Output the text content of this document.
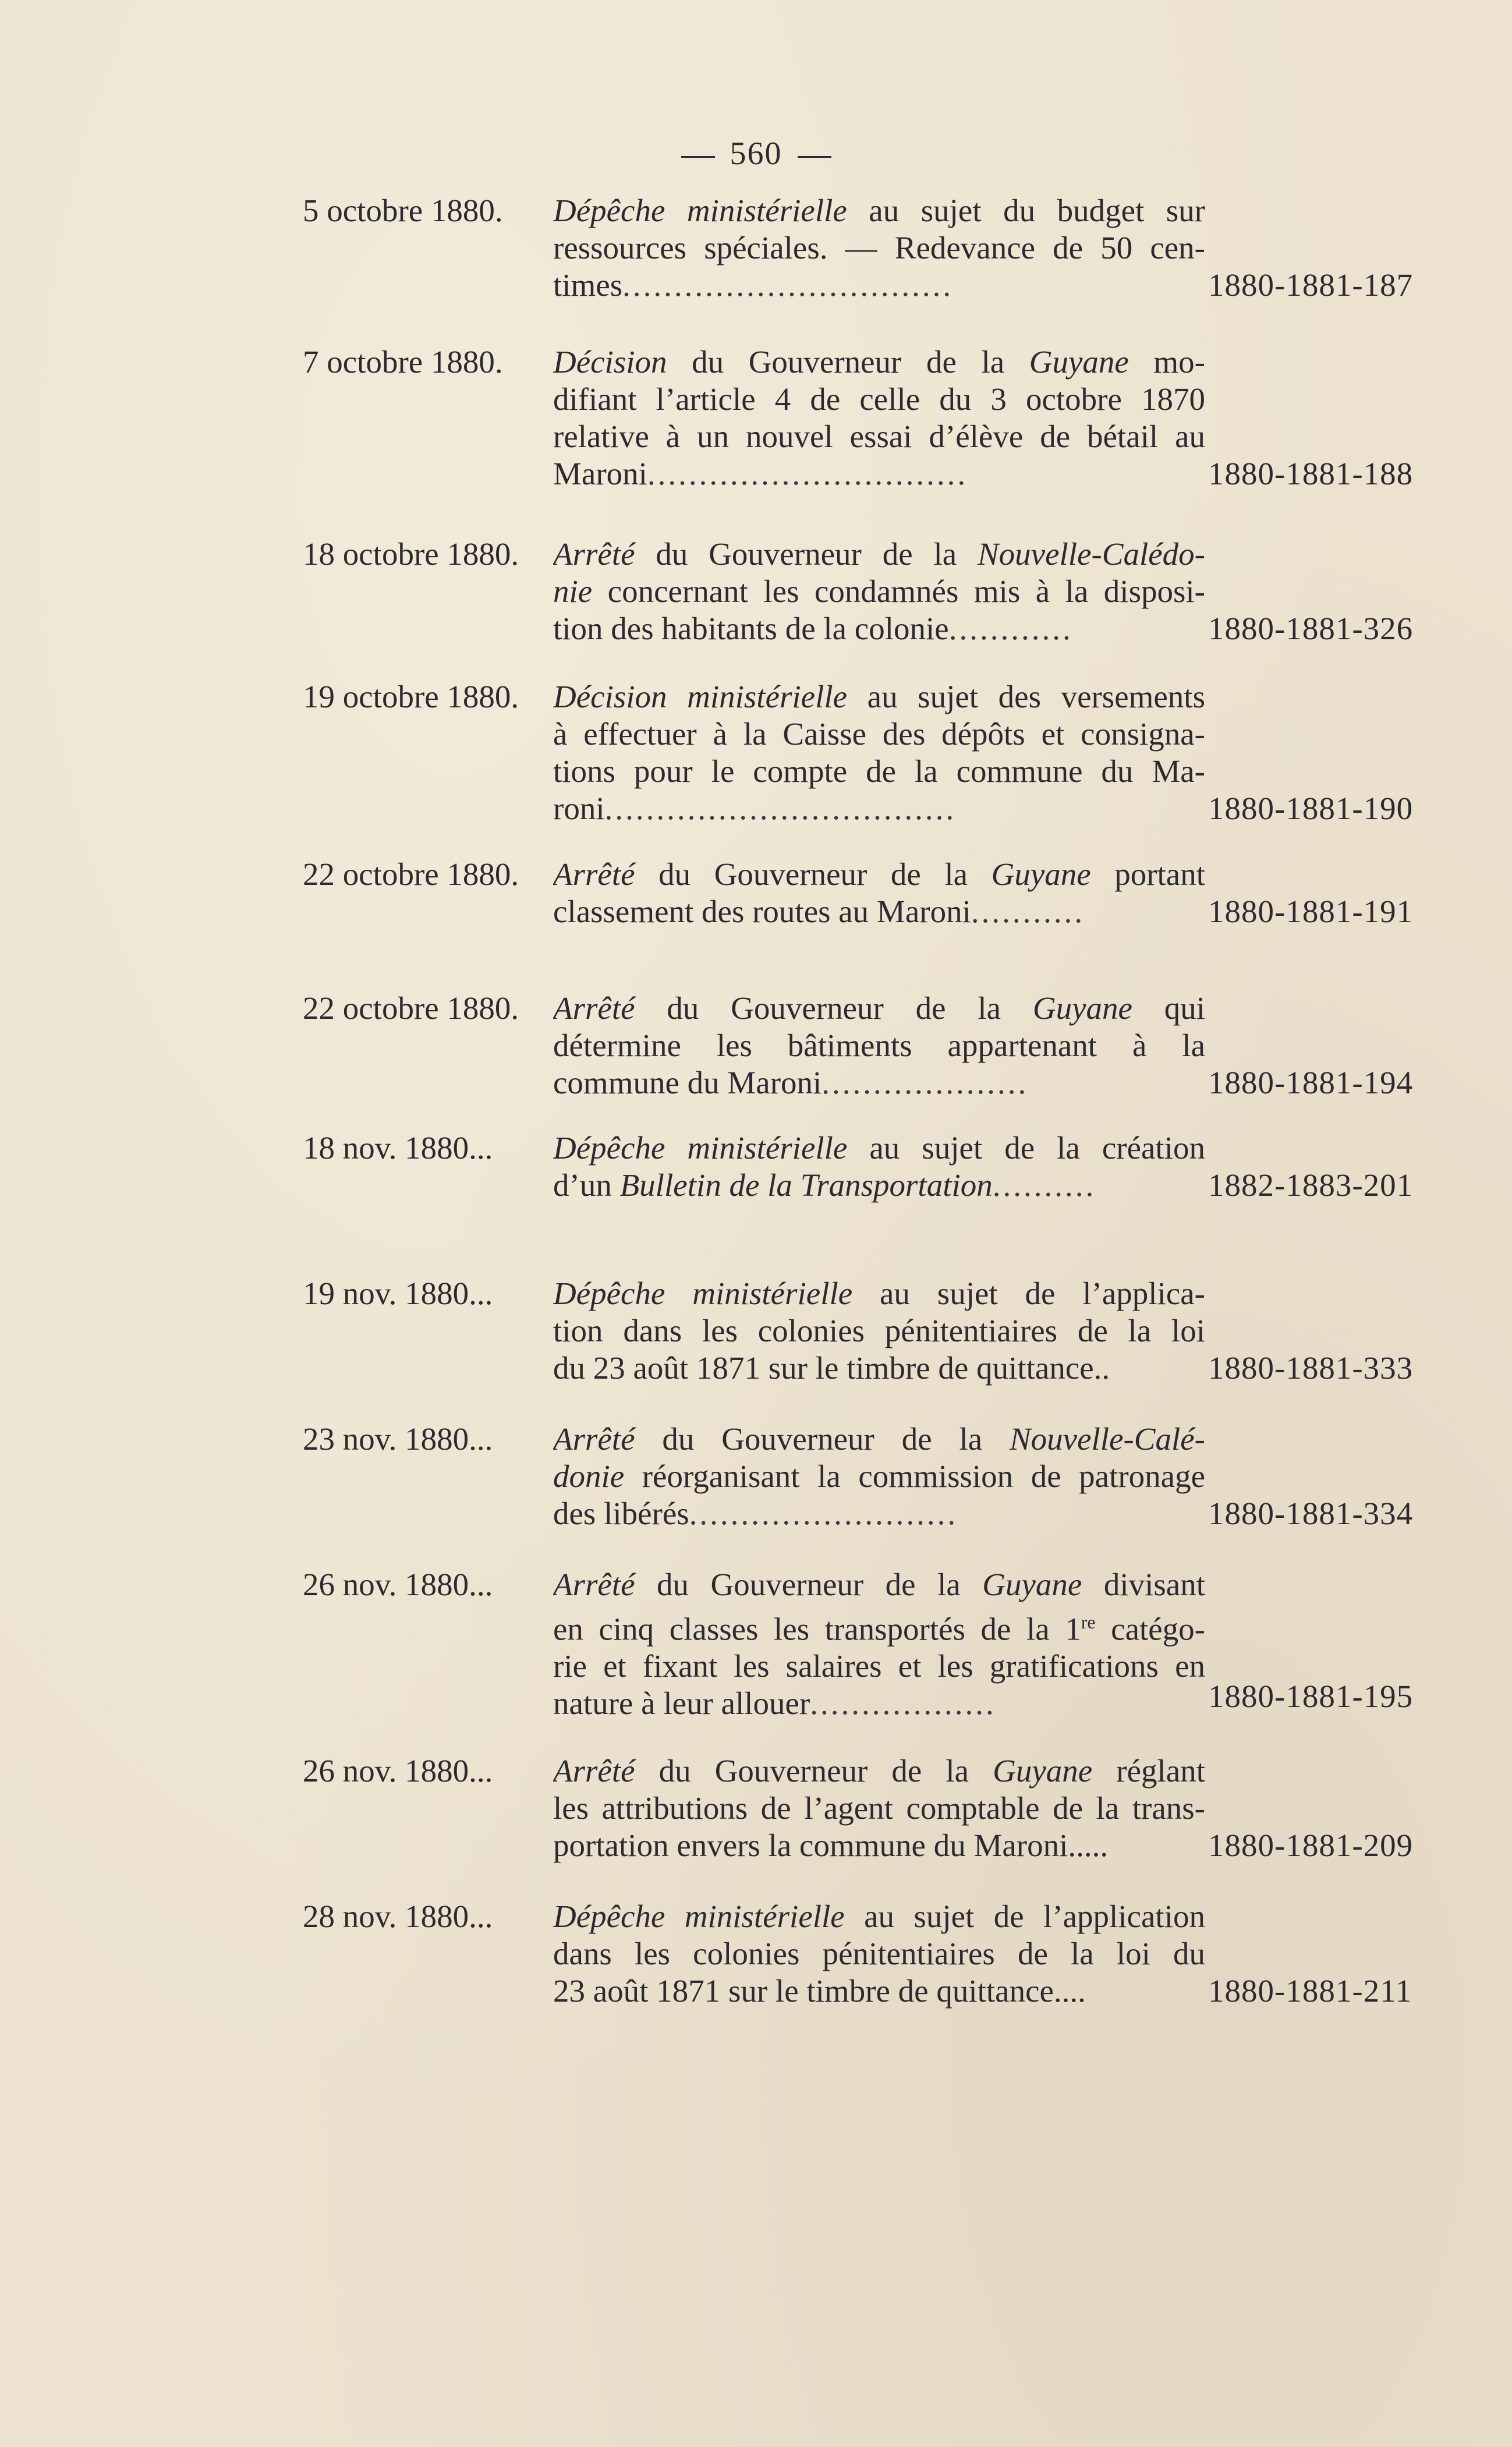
560
5 octobre 1880. Dépêche ministérielle au sujet du budget sur
ressources spéciales. — Redevance de 50 cen-
times................................	1880-1881-187
7 octobre 1880. Décision du Gouverneur de la Guyane mo-
difiant l’article 4 de celle du 3 octobre 1870
relative à un nouvel essai d’élève de bétail au
Maroni...............................	1880-1881-188
18 octobre 1880. Arrêté du Gouverneur de la Nouvelle-Calédo-
nie concernant les condamnés mis à la disposi-
tion des habitants de la colonie............	1880-1881-326
19 octobre 1880. Décision ministérielle au sujet des versements
à effectuer à la Caisse des dépôts et consigna-
tions pour le compte de la commune du Ma-
roni..................................	1880-1881-190
22 octobre 1880. Arrêté du Gouverneur de la Guyane portant
classement des routes au Maroni...........	1880-1881-191
22 octobre 1880. Arrêté du Gouverneur de la Guyane qui
détermine les bâtiments appartenant à la
commune du Maroni....................	1880-1881-194
18 nov. 1880... Dépêche ministérielle au sujet de la création
d’un Bulletin de la Transportation..........	1882-1883-201
19 nov. 1880... Dépêche ministérielle au sujet de l’applica-
tion dans les colonies pénitentiaires de la loi
du 23 août 1871 sur le timbre de quittance..	1880-1881-333
23 nov. 1880... Arrêté du Gouverneur de la Nouvelle-Calé-
donie réorganisant la commission de patronage
des libérés..........................	1880-1881-334
26 nov. 1880... Arrêté du Gouverneur de la Guyane divisant
en cinq classes les transportés de la 1re catégo-
rie et fixant les salaires et les gratifications en
nature à leur allouer..................	1880-1881-195
26 nov. 1880... Arrêté du Gouverneur de la Guyane réglant
les attributions de l’agent comptable de la trans-
portation envers la commune du Maroni.....	1880-1881-209
28 nov. 1880... Dépêche ministérielle au sujet de l’application
dans les colonies pénitentiaires de la loi du
23 août 1871 sur le timbre de quittance....	1880-1881-211
